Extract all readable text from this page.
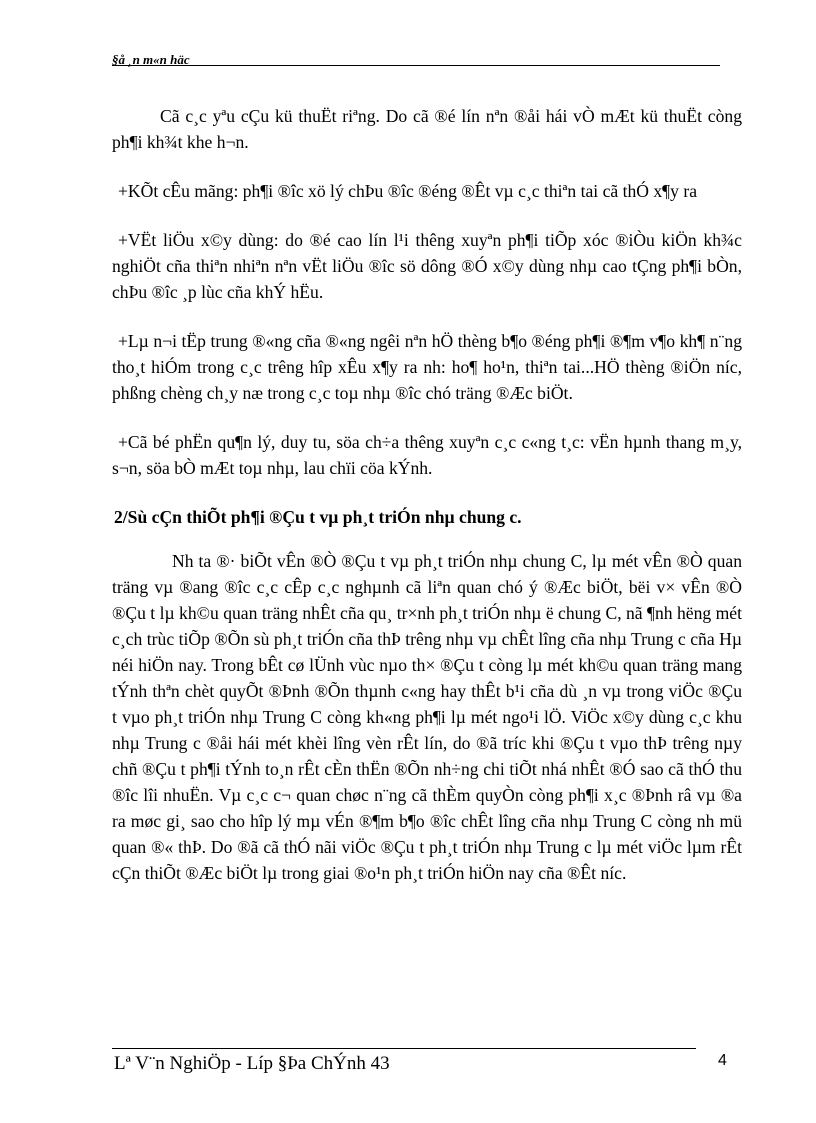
§å ¸n m«n häc

Cã c¸c yªu cÇu kü thuËt riªng. Do cã ®é lín nªn ®åi hái vÒ mÆt kü thuËt còng ph¶i kh¾t khe h¬n.

+KÕt cÊu mãng: ph¶i ®îc xö lý chÞu ®îc ®éng ®Êt vµ c¸c thiªn tai cã thÓ x¶y ra

+VËt liÖu x©y dùng: do ®é cao lín l¹i thêng xuyªn ph¶i tiÕp xóc ®iÒu kiÖn kh¾c nghiÖt cña thiªn nhiªn nªn vËt liÖu ®îc sö dông ®Ó x©y dùng nhµ cao tÇng ph¶i bÒn, chÞu ®îc ¸p lùc cña khÝ hËu.

+Lµ n¬i tËp trung ®«ng cña ®«ng ngêi nªn hÖ thèng b¶o ®éng ph¶i ®¶m v¶o kh¶ n¨ng tho¸t hiÓm trong c¸c trêng hîp xÊu x¶y ra nh: ho¶ ho¹n, thiªn tai...HÖ thèng ®iÖn níc, phßng chèng ch¸y næ trong c¸c toµ nhµ ®îc chó träng ®Æc biÖt.

+Cã bé phËn qu¶n lý, duy tu, söa ch÷a thêng xuyªn c¸c c«ng t¸c: vËn hµnh thang m¸y, s¬n, söa bÒ mÆt toµ nhµ, lau chïi cöa kÝnh.

2/Sù cÇn thiÕt ph¶i ®Çu t vµ ph¸t triÓn nhµ chung c.

Nh ta ®· biÕt vÊn ®Ò ®Çu t vµ ph¸t triÓn nhµ chung C, lµ mét vÊn ®Ò quan träng vµ ®ang ®îc c¸c cÊp c¸c nghµnh cã liªn quan chó ý ®Æc biÖt, bëi v× vÊn ®Ò ®Çu t lµ kh©u quan träng nhÊt cña qu¸ tr×nh ph¸t triÓn nhµ ë chung C, nã ¶nh hëng mét c¸ch trùc tiÕp ®Õn sù ph¸t triÓn cña thÞ trêng nhµ vµ chÊt lîng cña nhµ Trung c cña Hµ néi hiÖn nay. Trong bÊt cø lÜnh vùc nµo th× ®Çu t còng lµ mét kh©u quan träng mang tÝnh thªn chèt quyÕt ®Þnh ®Õn thµnh c«ng hay thÊt b¹i cña dù ¸n vµ trong viÖc ®Çu t vµo ph¸t triÓn nhµ Trung C còng kh«ng ph¶i lµ mét ngo¹i lÖ. ViÖc x©y dùng c¸c khu nhµ Trung c ®åi hái mét khèi lîng vèn rÊt lín, do ®ã tríc khi ®Çu t vµo thÞ trêng nµy chñ ®Çu t ph¶i tÝnh to¸n rÊt cÈn thËn ®Õn nh÷ng chi tiÕt nhá nhÊt ®Ó sao cã thÓ thu ®îc lîi nhuËn. Vµ c¸c c¬ quan chøc n¨ng cã thÈm quyÒn còng ph¶i x¸c ®Þnh râ vµ ®a ra møc gi¸ sao cho hîp lý mµ vÉn ®¶m b¶o ®îc chÊt lîng cña nhµ Trung C còng nh mü quan ®« thÞ. Do ®ã cã thÓ nãi viÖc ®Çu t ph¸t triÓn nhµ Trung c lµ mét viÖc lµm rÊt cÇn thiÕt ®Æc biÖt lµ trong giai ®o¹n ph¸t triÓn hiÖn nay cña ®Êt níc.

Lª V¨n NghiÖp - Líp §Þa ChÝnh 43	4
